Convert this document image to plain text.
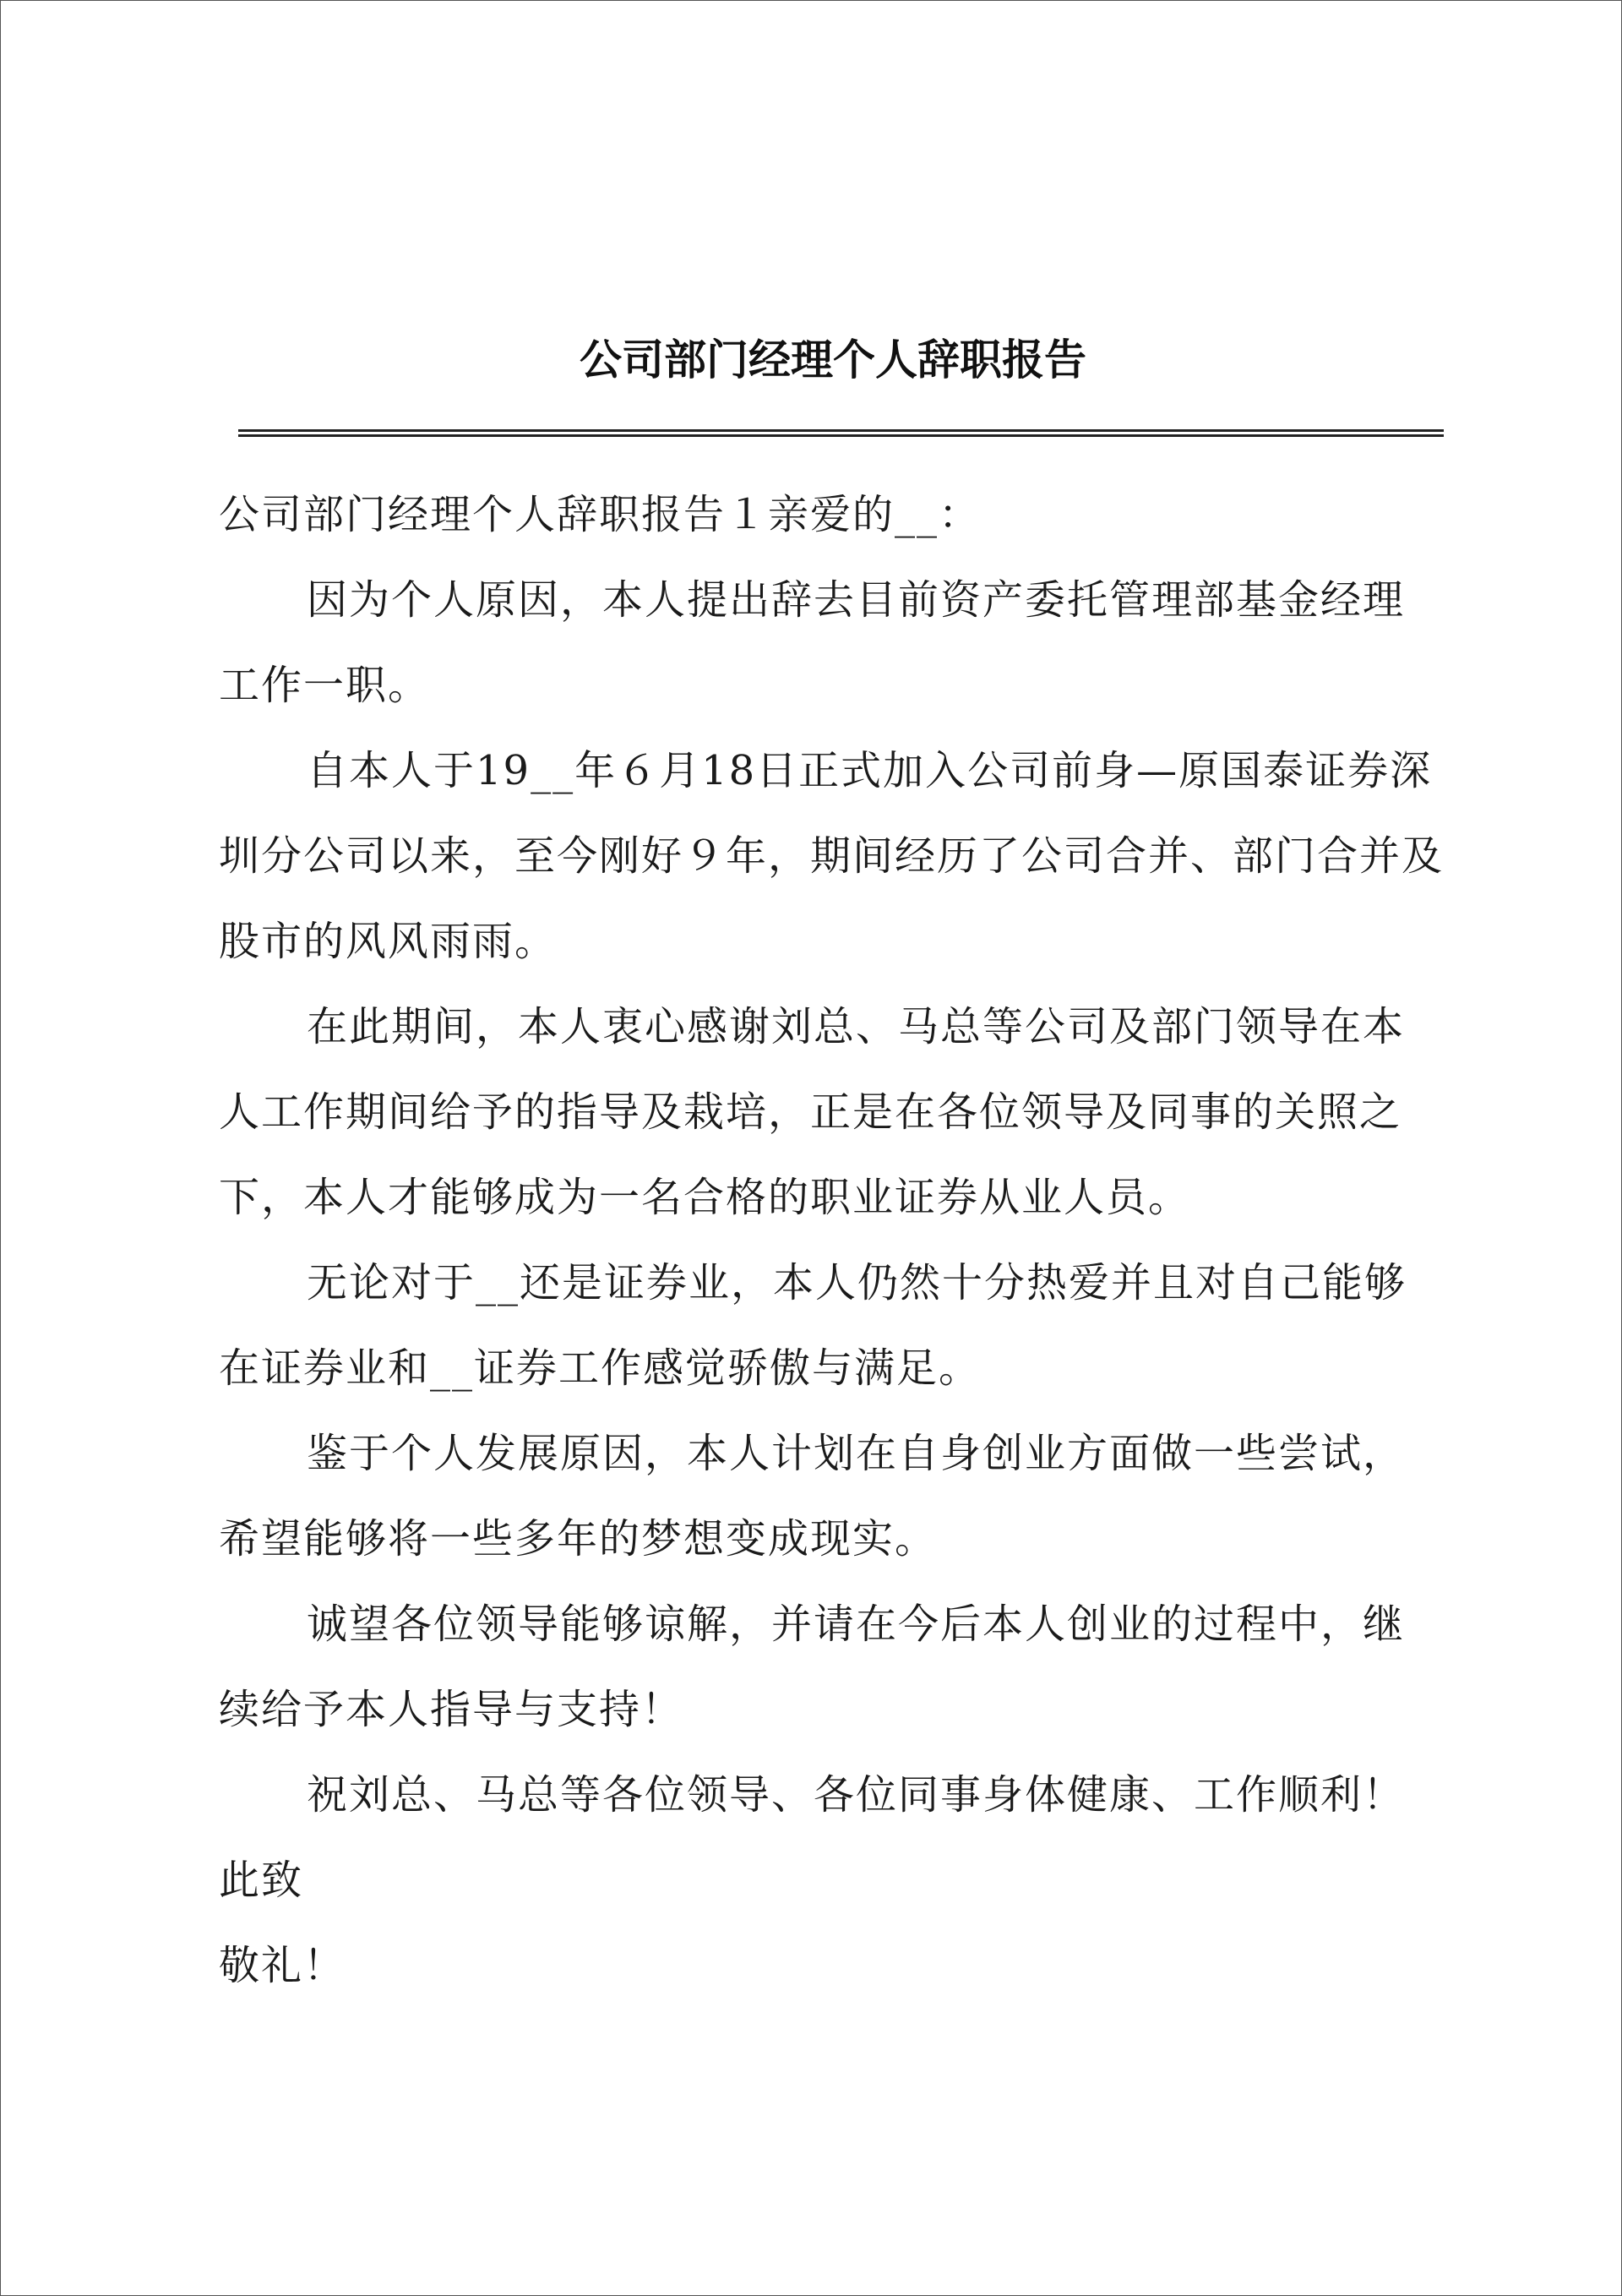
公司部门经理个人辞职报告

公司部门经理个人辞职报告１亲爱的__：

因为个人原因，本人提出辞去目前资产委托管理部基金经理工作一职。

自本人于19__年６月18日正式加入公司前身—原国泰证券深圳分公司以来，至今刚好９年，期间经历了公司合并、部门合并及股市的风风雨雨。

在此期间，本人衷心感谢刘总、马总等公司及部门领导在本人工作期间给予的指导及栽培，正是在各位领导及同事的关照之下，本人才能够成为一名合格的职业证券从业人员。

无论对于__还是证券业，本人仍然十分热爱并且对自己能够在证券业和__证券工作感觉骄傲与满足。

鉴于个人发展原因，本人计划在自身创业方面做一些尝试，希望能够将一些多年的梦想变成现实。

诚望各位领导能够谅解，并请在今后本人创业的过程中，继续给予本人指导与支持！

祝刘总、马总等各位领导、各位同事身体健康、工作顺利！

此致

敬礼！
